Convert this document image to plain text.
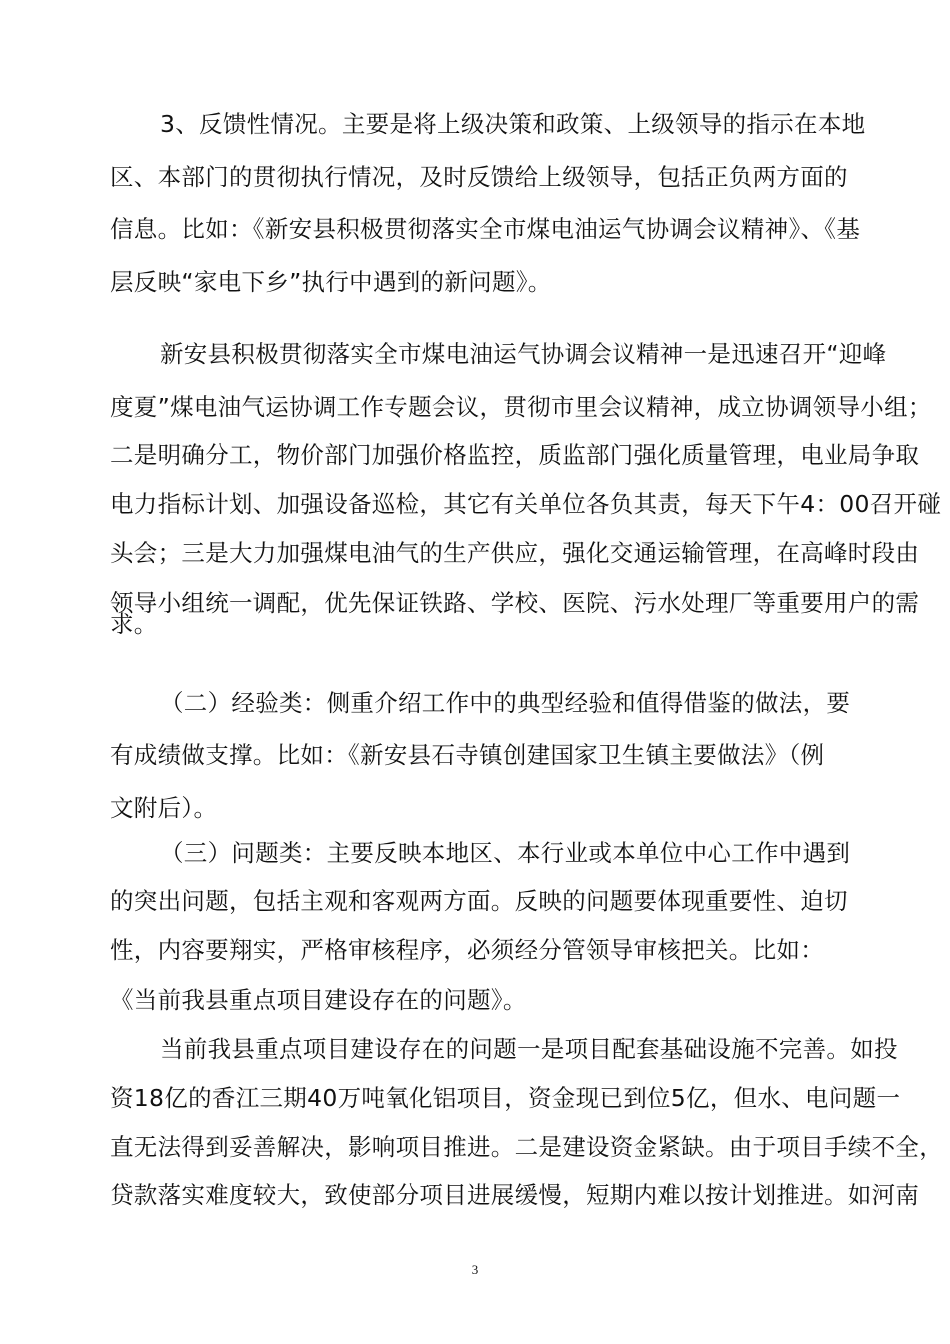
3、反馈性情况。主要是将上级决策和政策、上级领导的指示在本地
区、本部门的贯彻执行情况，及时反馈给上级领导，包括正负两方面的
信息。比如：《新安县积极贯彻落实全市煤电油运气协调会议精神》、《基
层反映“家电下乡”执行中遇到的新问题》。
新安县积极贯彻落实全市煤电油运气协调会议精神一是迅速召开“迎峰
度夏”煤电油气运协调工作专题会议，贯彻市里会议精神，成立协调领导小组；
二是明确分工，物价部门加强价格监控，质监部门强化质量管理，电业局争取
电力指标计划、加强设备巡检，其它有关单位各负其责，每天下午4：00召开碰
头会；三是大力加强煤电油气的生产供应，强化交通运输管理，在高峰时段由
领导小组统一调配，优先保证铁路、学校、医院、污水处理厂等重要用户的需
求。
（二）经验类：侧重介绍工作中的典型经验和值得借鉴的做法，要
有成绩做支撑。比如：《新安县石寺镇创建国家卫生镇主要做法》（例
文附后）。
（三）问题类：主要反映本地区、本行业或本单位中心工作中遇到
的突出问题，包括主观和客观两方面。反映的问题要体现重要性、迫切
性，内容要翔实，严格审核程序，必须经分管领导审核把关。比如：
《当前我县重点项目建设存在的问题》。
当前我县重点项目建设存在的问题一是项目配套基础设施不完善。如投
资18亿的香江三期40万吨氧化铝项目，资金现已到位5亿，但水、电问题一
直无法得到妥善解决，影响项目推进。二是建设资金紧缺。由于项目手续不全，
贷款落实难度较大，致使部分项目进展缓慢，短期内难以按计划推进。如河南
3
